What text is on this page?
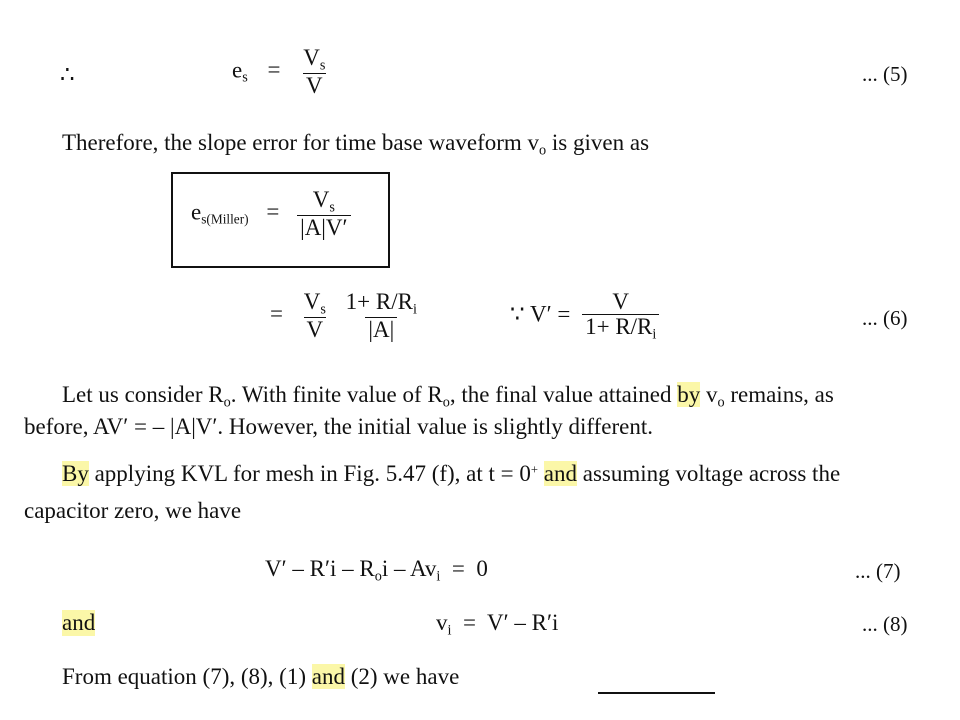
∴	$e_s = \frac{V_s}{V}$	... (5)
Therefore, the slope error for time base waveform $v_o$ is given as
$e_{s(Miller)} = \frac{V_s}{|A|V'}$
= $\frac{V_s}{V}$
$\frac{1+ R/R_i}{|A|}$	∵ $V' = \frac{V}{1+ R/R_i}$	... (6)
Let us consider $R_o$. With finite value of $R_o$, the final value attained by $v_o$ remains, as
before, AV′ = – |A|V′. However, the initial value is slightly different.
By applying KVL for mesh in Fig. 5.47 (f), at t = 0+ and assuming voltage across the
capacitor zero, we have
$V' - R'i - R_oi - Av_i = 0$	... (7)
and	$v_i = V' - R'i$	... (8)
From equation (7), (8), (1) and (2) we have
